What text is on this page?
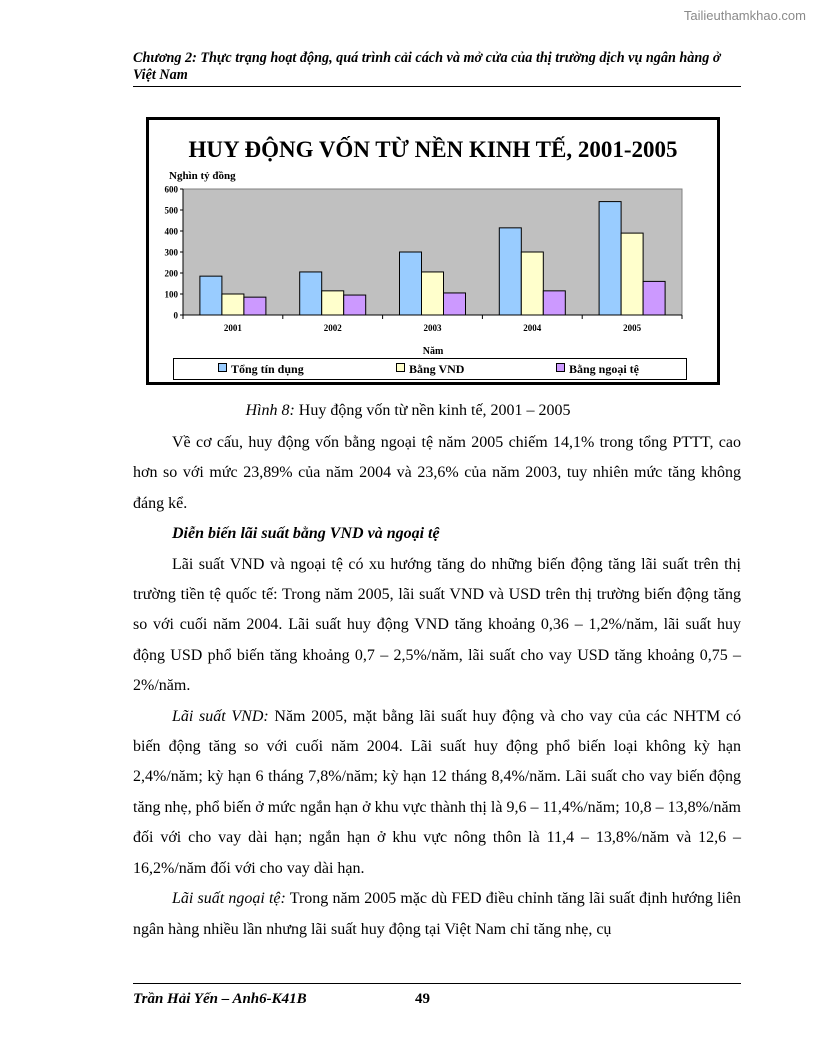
Tailieuthamkhao.com
Chương 2: Thực trạng hoạt động, quá trình cải cách và mở cửa của thị trường dịch vụ ngân hàng ở Việt Nam
HUY ĐỘNG VỐN TỪ NỀN KINH TẾ, 2001-2005
Nghìn tỷ đồng
0
100
200
300
400
500
600
2001	2002	2003	2004	2005
Năm
Tổng tín dụng	Bằng VND	Bằng ngoại tệ
Hình 8: Huy động vốn từ nền kinh tế, 2001 – 2005

Về cơ cấu, huy động vốn bằng ngoại tệ năm 2005 chiếm 14,1% trong tổng PTTT, cao hơn so với mức 23,89% của năm 2004 và 23,6% của năm 2003, tuy nhiên mức tăng không đáng kể.

Diễn biến lãi suất bằng VND và ngoại tệ

Lãi suất VND và ngoại tệ có xu hướng tăng do những biến động tăng lãi suất trên thị trường tiền tệ quốc tế: Trong năm 2005, lãi suất VND và USD trên thị trường biến động tăng so với cuối năm 2004. Lãi suất huy động VND tăng khoảng 0,36 – 1,2%/năm, lãi suất huy động USD phổ biến tăng khoảng 0,7 – 2,5%/năm, lãi suất cho vay USD tăng khoảng 0,75 – 2%/năm.

Lãi suất VND: Năm 2005, mặt bằng lãi suất huy động và cho vay của các NHTM có biến động tăng so với cuối năm 2004. Lãi suất huy động phổ biến loại không kỳ hạn 2,4%/năm; kỳ hạn 6 tháng 7,8%/năm; kỳ hạn 12 tháng 8,4%/năm. Lãi suất cho vay biến động tăng nhẹ, phổ biến ở mức ngắn hạn ở khu vực thành thị là 9,6 – 11,4%/năm; 10,8 – 13,8%/năm đối với cho vay dài hạn; ngắn hạn ở khu vực nông thôn là 11,4 – 13,8%/năm và 12,6 – 16,2%/năm đối với cho vay dài hạn.

Lãi suất ngoại tệ: Trong năm 2005 mặc dù FED điều chỉnh tăng lãi suất định hướng liên ngân hàng nhiều lần nhưng lãi suất huy động tại Việt Nam chỉ tăng nhẹ, cụ

Trần Hải Yến – Anh6-K41B	49
